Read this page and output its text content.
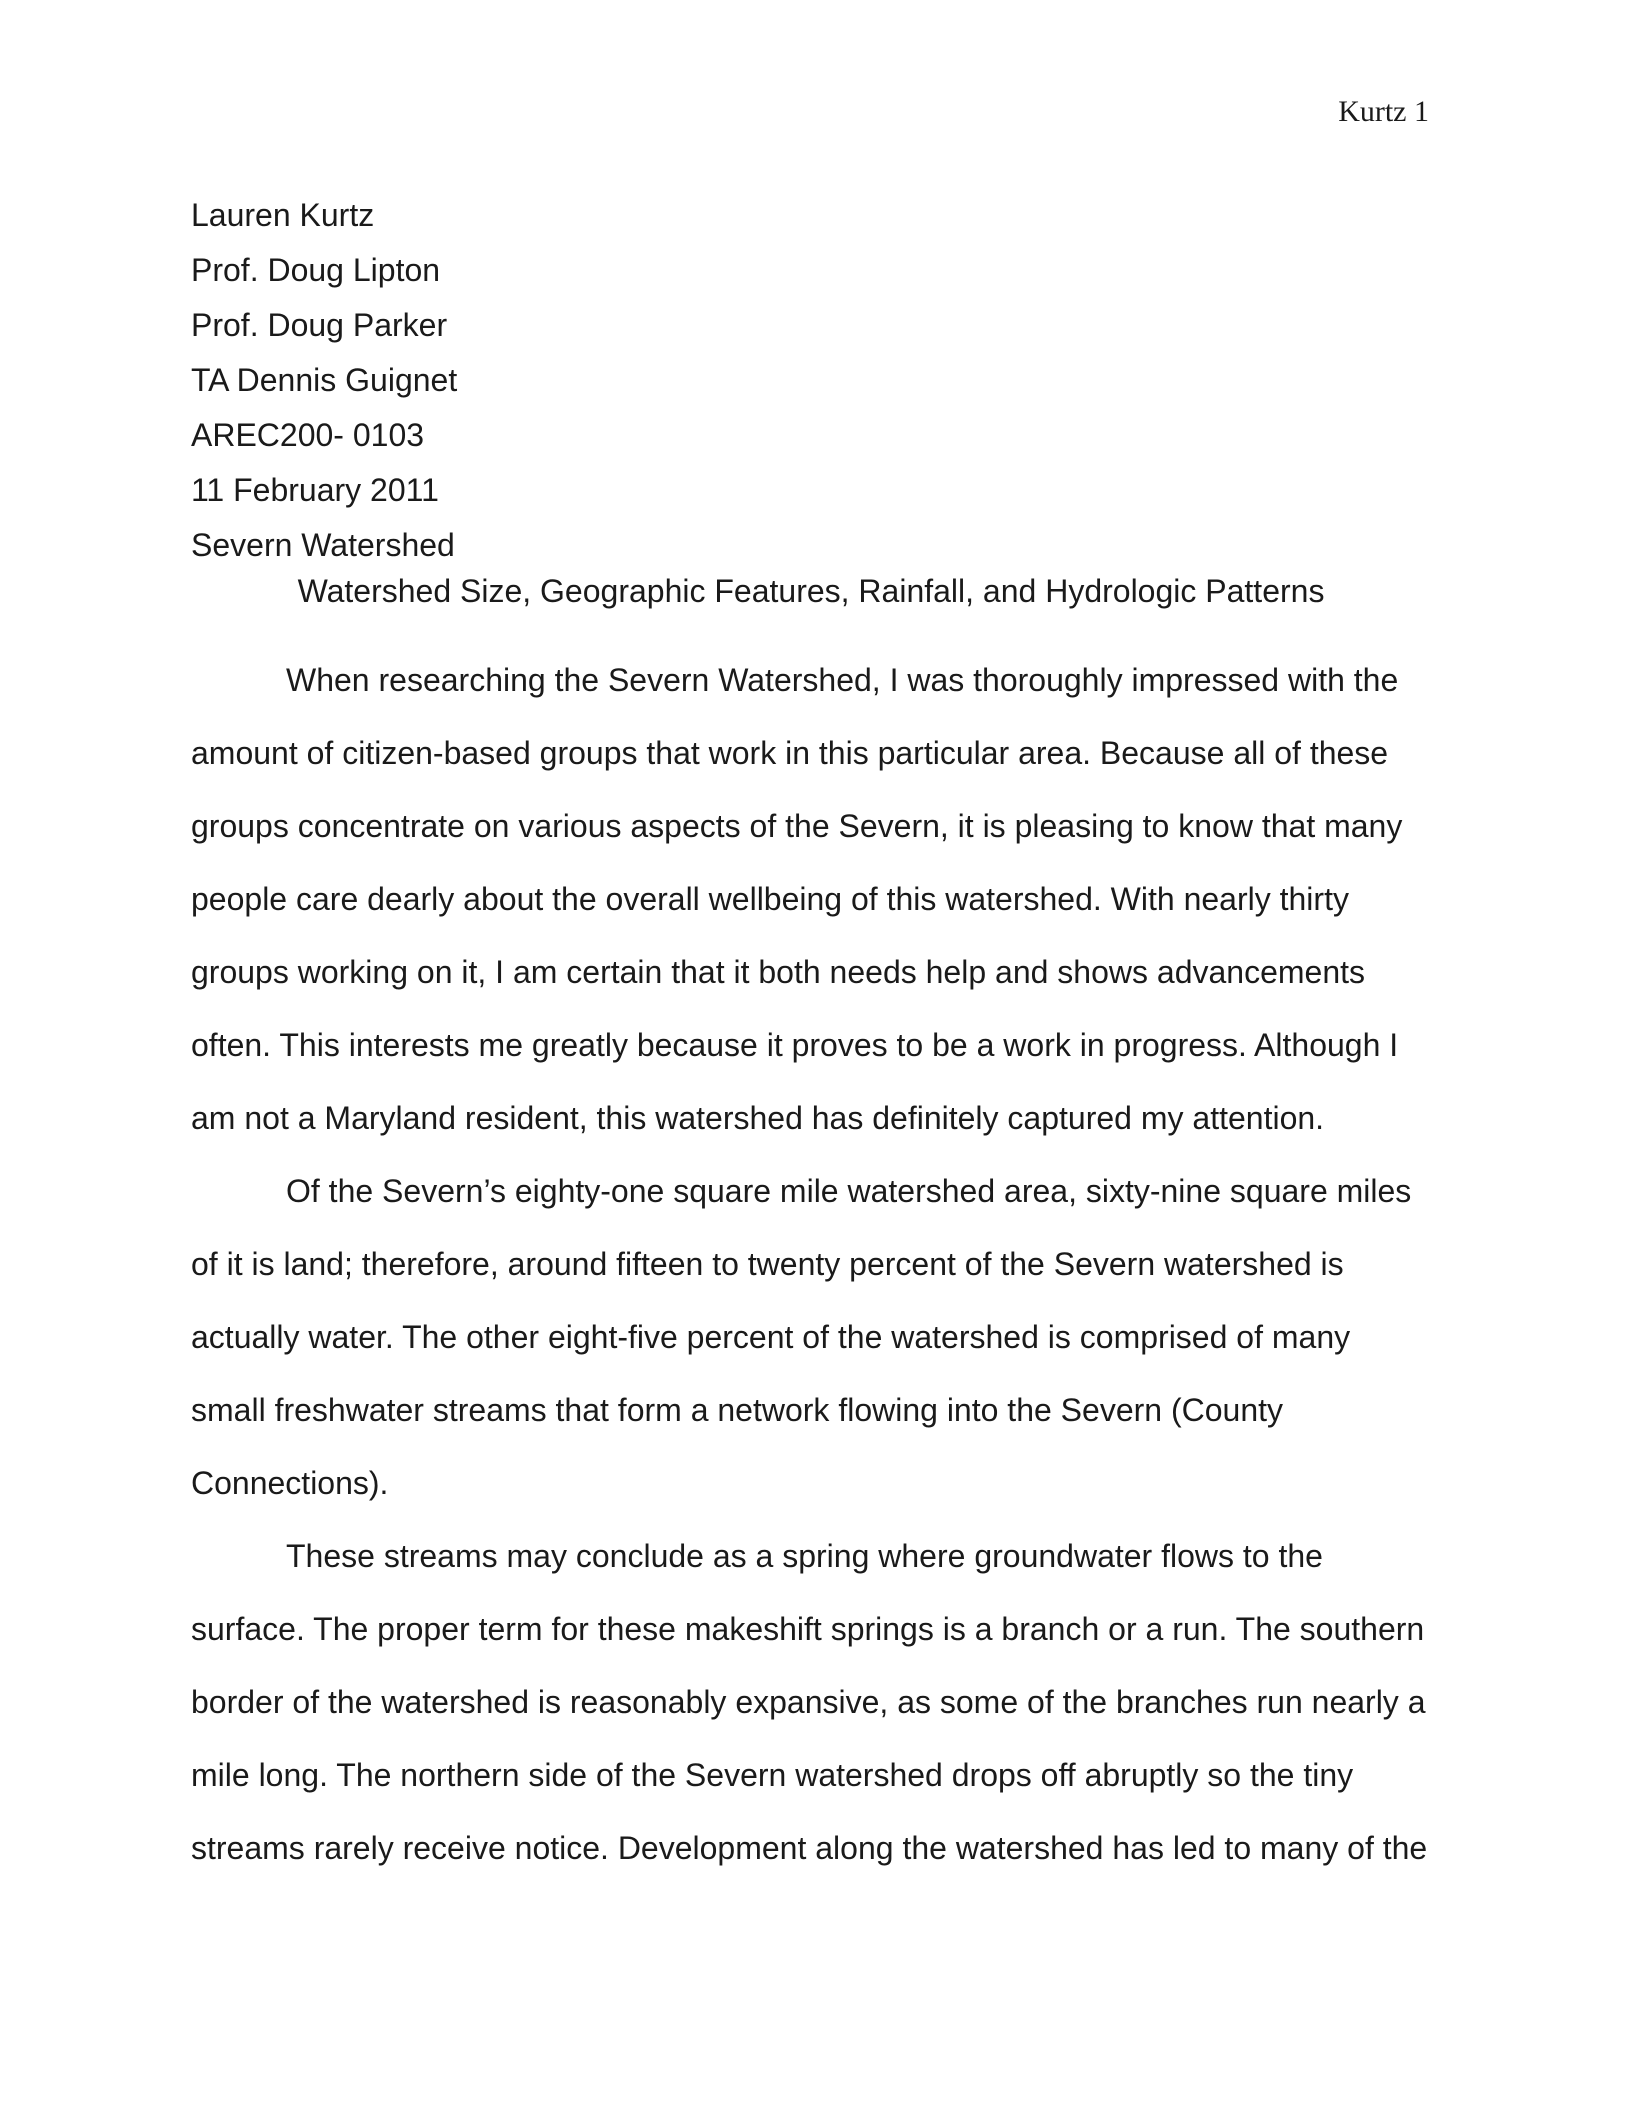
Kurtz 1
Lauren Kurtz
Prof. Doug Lipton
Prof. Doug Parker
TA Dennis Guignet
AREC200- 0103
11 February 2011
Severn Watershed
Watershed Size, Geographic Features, Rainfall, and Hydrologic Patterns
When researching the Severn Watershed, I was thoroughly impressed with the
amount of citizen-based groups that work in this particular area. Because all of these
groups concentrate on various aspects of the Severn, it is pleasing to know that many
people care dearly about the overall wellbeing of this watershed. With nearly thirty
groups working on it, I am certain that it both needs help and shows advancements
often. This interests me greatly because it proves to be a work in progress. Although I
am not a Maryland resident, this watershed has definitely captured my attention.
Of the Severn’s eighty-one square mile watershed area, sixty-nine square miles
of it is land; therefore, around fifteen to twenty percent of the Severn watershed is
actually water. The other eight-five percent of the watershed is comprised of many
small freshwater streams that form a network flowing into the Severn (County
Connections).
These streams may conclude as a spring where groundwater flows to the
surface. The proper term for these makeshift springs is a branch or a run. The southern
border of the watershed is reasonably expansive, as some of the branches run nearly a
mile long. The northern side of the Severn watershed drops off abruptly so the tiny
streams rarely receive notice. Development along the watershed has led to many of the
